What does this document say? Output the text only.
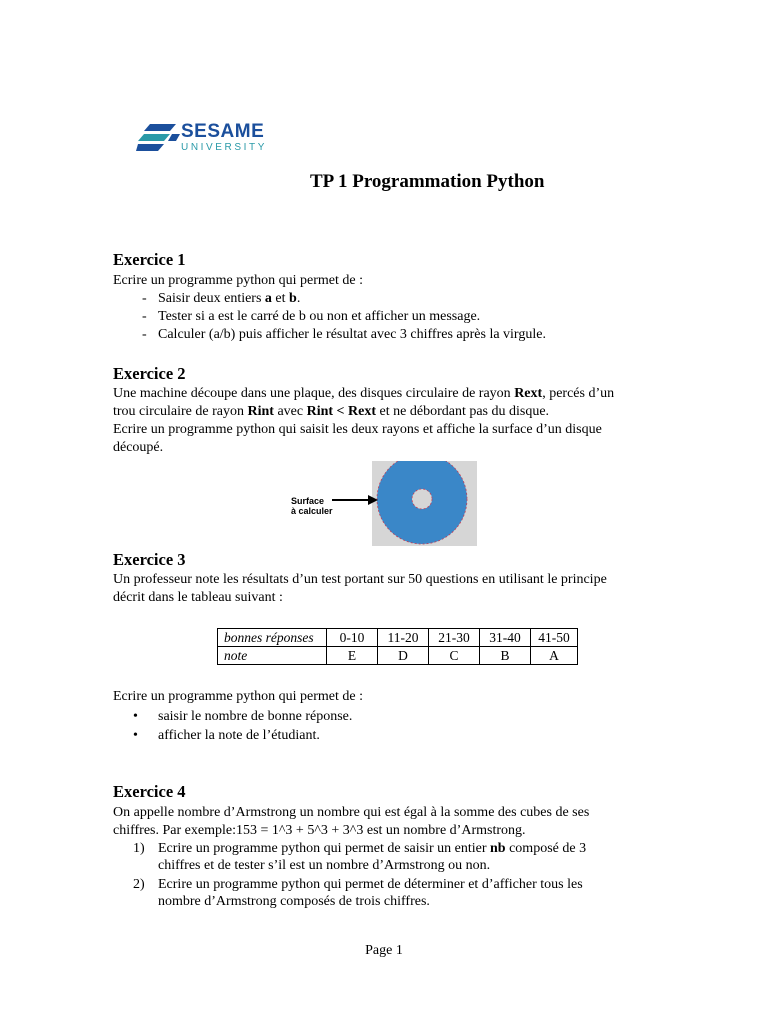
SESAME
UNIVERSITY
TP 1 Programmation Python
Exercice 1
Ecrire un programme python qui permet de :
- Saisir deux entiers a et b.
- Tester si a est le carré de b ou non et afficher un message.
- Calculer (a/b) puis afficher le résultat avec 3 chiffres après la virgule.
Exercice 2
Une machine découpe dans une plaque, des disques circulaire de rayon Rext, percés d’un
trou circulaire de rayon Rint avec Rint < Rext et ne débordant pas du disque.
Ecrire un programme python qui saisit les deux rayons et affiche la surface d’un disque
découpé.
Surface
à calculer
Exercice 3
Un professeur note les résultats d’un test portant sur 50 questions en utilisant le principe
décrit dans le tableau suivant :
bonnes réponses	0-10	11-20	21-30	31-40	41-50
note	E	D	C	B	A
Ecrire un programme python qui permet de :
• saisir le nombre de bonne réponse.
• afficher la note de l’étudiant.
Exercice 4
On appelle nombre d’Armstrong un nombre qui est égal à la somme des cubes de ses
chiffres. Par exemple:153 = 1^3 + 5^3 + 3^3 est un nombre d’Armstrong.
1) Ecrire un programme python qui permet de saisir un entier nb composé de 3
chiffres et de tester s’il est un nombre d’Armstrong ou non.
2) Ecrire un programme python qui permet de déterminer et d’afficher tous les
nombre d’Armstrong composés de trois chiffres.
Page 1
